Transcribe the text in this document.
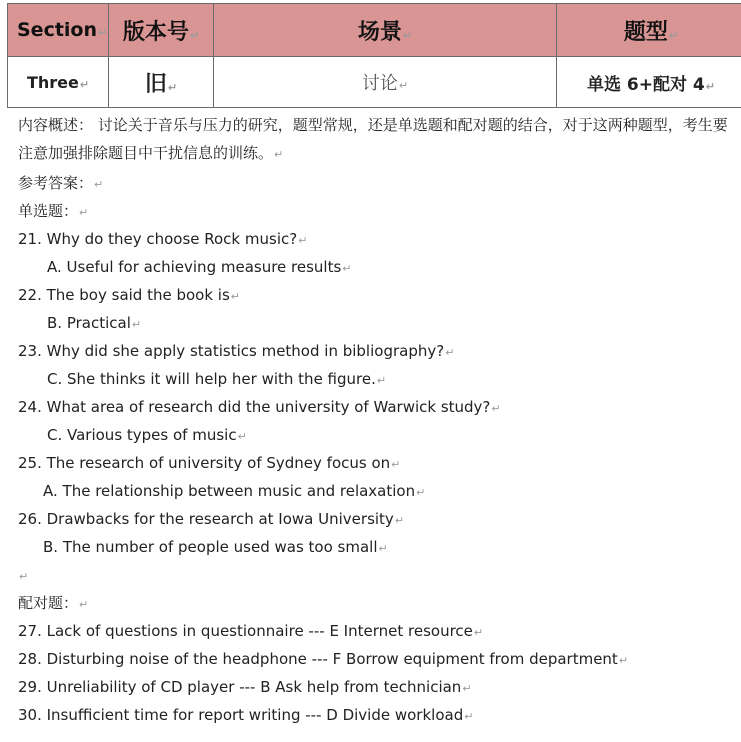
Section↵	版本号↵	场景↵	题型↵
Three↵	旧↵	讨论↵	单选 6+配对 4↵
内容概述： 讨论关于音乐与压力的研究，题型常规，还是单选题和配对题的结合，对于这两种题型，考生要注意加强排除题目中干扰信息的训练。↵
参考答案：↵
单选题：↵
21. Why do they choose Rock music?↵
A. Useful for achieving measure results↵
22. The boy said the book is↵
B. Practical↵
23. Why did she apply statistics method in bibliography?↵
C. She thinks it will help her with the figure.↵
24. What area of research did the university of Warwick study?↵
C. Various types of music↵
25. The research of university of Sydney focus on↵
A. The relationship between music and relaxation↵
26. Drawbacks for the research at Iowa University↵
B. The number of people used was too small↵
↵
配对题：↵
27. Lack of questions in questionnaire --- E Internet resource↵
28. Disturbing noise of the headphone --- F Borrow equipment from department↵
29. Unreliability of CD player --- B Ask help from technician↵
30. Insufficient time for report writing --- D Divide workload↵
